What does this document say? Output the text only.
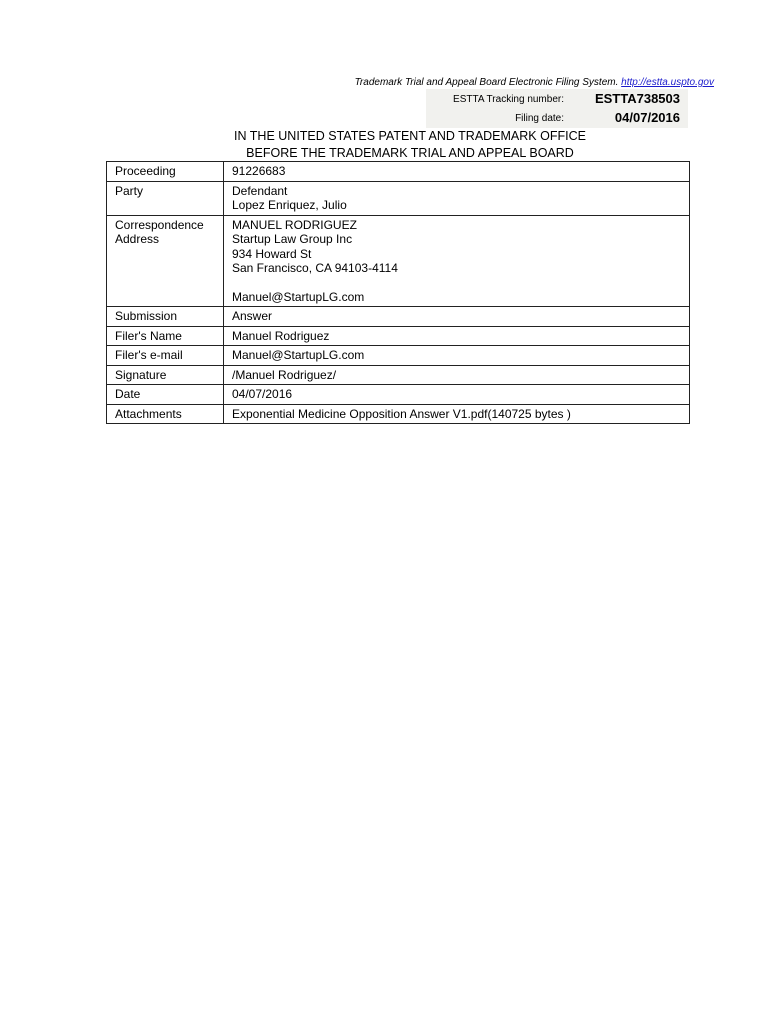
Trademark Trial and Appeal Board Electronic Filing System. http://estta.uspto.gov
ESTTA Tracking number: ESTTA738503
Filing date:	04/07/2016
IN THE UNITED STATES PATENT AND TRADEMARK OFFICE
BEFORE THE TRADEMARK TRIAL AND APPEAL BOARD
Proceeding	91226683
Party	Defendant
Lopez Enriquez, Julio

Correspondence
Address	MANUEL RODRIGUEZ
Startup Law Group Inc
934 Howard St
San Francisco, CA 94103-4114
Manuel@StartupLG.com

Submission	Answer
Filer's Name	Manuel Rodriguez
Filer's e-mail	Manuel@StartupLG.com
Signature	/Manuel Rodriguez/
Date	04/07/2016
Attachments	Exponential Medicine Opposition Answer V1.pdf(140725 bytes )
